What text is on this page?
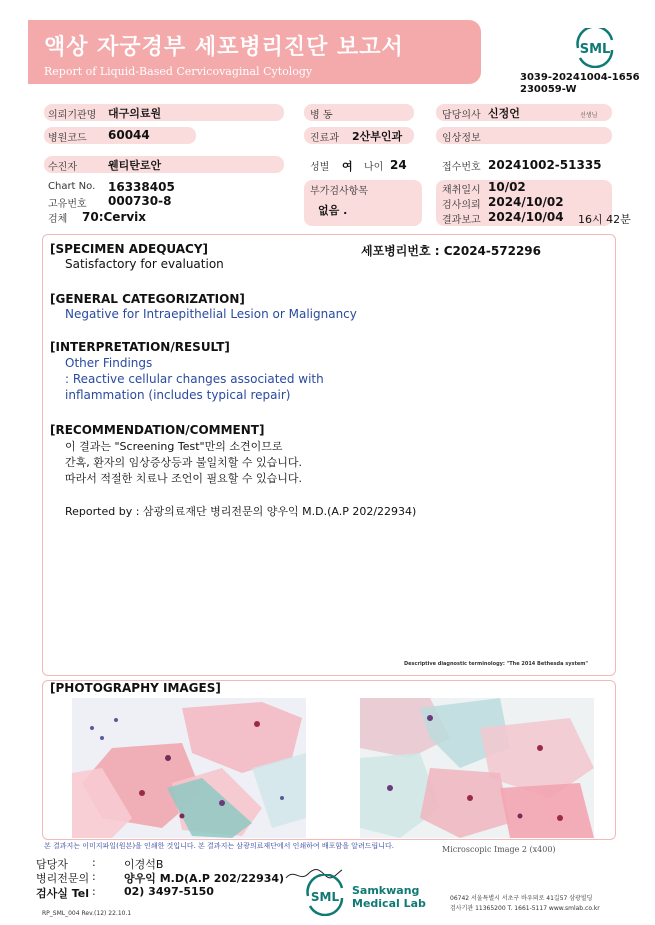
액상 자궁경부 세포병리진단 보고서
Report of Liquid-Based Cervicovaginal Cytology
SML
3039-20241004-1656
230059-W
의뢰기관명 대구의료원
병원코드 60044
수진자	웬티탄로안
Chart No. 16338405
고유번호 000730-8
검체 70:Cervix
병 동
진료과 2산부인과
성별 여 나이 24
부가검사항목
없음 .
담당의사 신정언	선생님
임상정보
접수번호 20241002-51335
채취일시 10/02
검사의뢰 2024/10/02
결과보고 2024/10/04 16시 42분
[SPECIMEN ADEQUACY]
Satisfactory for evaluation
세포병리번호 : C2024-572296
[GENERAL CATEGORIZATION]
Negative for Intraepithelial Lesion or Malignancy
[INTERPRETATION/RESULT]
Other Findings
: Reactive cellular changes associated with
inflammation (includes typical repair)
[RECOMMENDATION/COMMENT]
이 결과는 "Screening Test"만의 소견이므로
간혹, 환자의 임상증상등과 불일치할 수 있습니다.
따라서 적절한 치료나 조언이 필요할 수 있습니다.
Reported by : 삼광의료재단 병리전문의 양우익 M.D.(A.P 202/22934)
Descriptive diagnostic terminology: "The 2014 Bethesda system"
[PHOTOGRAPHY IMAGES]
Microscopic Image 2 (x400)
본 결과지는 이미지파일(원본)을 인쇄한 것입니다. 본 결과지는 삼광의료재단에서 인쇄하여 배포함을 알려드립니다.
담당자 :	이경석B
병리전문의 :	양우익 M.D(A.P 202/22934)
검사실 Tel :	02) 3497-5150	SML Samkwang
Medical Lab	06742 서울특별시 서초구 바우뫼로 41길57 삼광빌딩
검사기관 11365200 T. 1661-5117 www.smlab.co.kr
RP_SML_004 Rev.(12) 22.10.1
